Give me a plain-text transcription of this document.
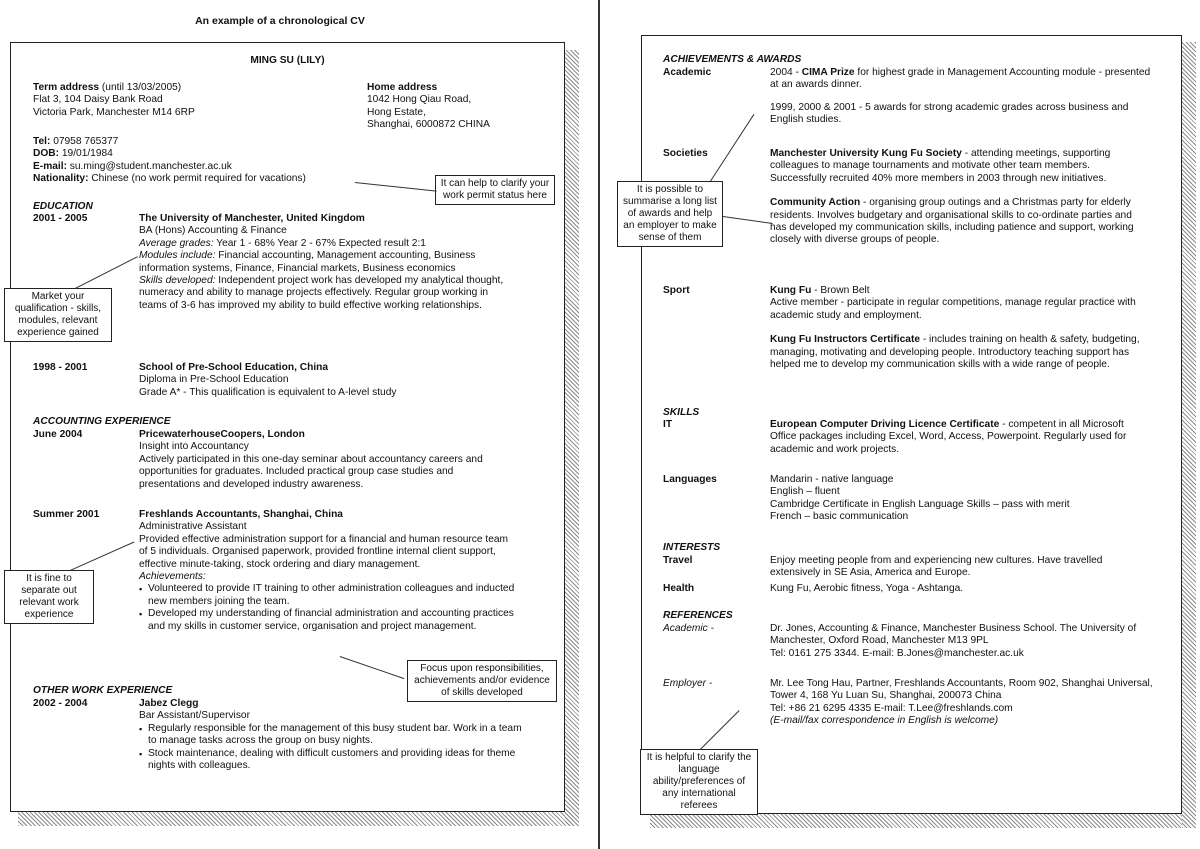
An example of a chronological CV
MING SU (LILY)
Term address (until 13/03/2005)
Flat 3, 104 Daisy Bank Road
Victoria Park, Manchester M14 6RP
Home address
1042 Hong Qiau Road,
Hong Estate,
Shanghai, 6000872 CHINA
Tel: 07958 765377
DOB: 19/01/1984
E-mail: su.ming@student.manchester.ac.uk
Nationality: Chinese (no work permit required for vacations)
EDUCATION
2001 - 2005	The University of Manchester, United Kingdom
BA (Hons) Accounting & Finance
Average grades: Year 1 - 68% Year 2 - 67% Expected result 2:1
Modules include: Financial accounting, Management accounting, Business information systems, Finance, Financial markets, Business economics
Skills developed: Independent project work has developed my analytical thought, numeracy and ability to manage projects effectively. Regular group working in teams of 3-6 has improved my ability to build effective working relationships.
1998 - 2001	School of Pre-School Education, China
Diploma in Pre-School Education
Grade A* - This qualification is equivalent to A-level study
ACCOUNTING EXPERIENCE
June 2004	PricewaterhouseCoopers, London
Insight into Accountancy
Actively participated in this one-day seminar about accountancy careers and opportunities for graduates. Included practical group case studies and presentations and developed industry awareness.
Summer 2001	Freshlands Accountants, Shanghai, China
Administrative Assistant
Provided effective administration support for a financial and human resource team of 5 individuals. Organised paperwork, provided frontline internal client support, effective minute-taking, stock ordering and diary management.
Achievements:
▪ Volunteered to provide IT training to other administration colleagues and inducted new members joining the team.
▪ Developed my understanding of financial administration and accounting practices and my skills in customer service, organisation and project management.
OTHER WORK EXPERIENCE
2002 - 2004	Jabez Clegg
Bar Assistant/Supervisor
▪ Regularly responsible for the management of this busy student bar. Work in a team to manage tasks across the group on busy nights.
▪ Stock maintenance, dealing with difficult customers and providing ideas for theme nights with colleagues.
It can help to clarify your work permit status here
Market your qualification - skills, modules, relevant experience gained
It is fine to separate out relevant work experience
Focus upon responsibilities, achievements and/or evidence of skills developed
ACHIEVEMENTS & AWARDS
Academic	2004 - CIMA Prize for highest grade in Management Accounting module - presented at an awards dinner.
1999, 2000 & 2001 - 5 awards for strong academic grades across business and English studies.
Societies	Manchester University Kung Fu Society - attending meetings, supporting colleagues to manage tournaments and motivate other team members. Successfully recruited 40% more members in 2003 through new initiatives.
Community Action - organising group outings and a Christmas party for elderly residents. Involves budgetary and organisational skills to co-ordinate parties and has developed my communication skills, including patience and support, working closely with diverse groups of people.
Sport	Kung Fu - Brown Belt
Active member - participate in regular competitions, manage regular practice with academic study and employment.
Kung Fu Instructors Certificate - includes training on health & safety, budgeting, managing, motivating and developing people. Introductory teaching support has helped me to develop my communication skills with a wide range of people.
SKILLS
IT	European Computer Driving Licence Certificate - competent in all Microsoft Office packages including Excel, Word, Access, Powerpoint. Regularly used for academic and work projects.
Languages	Mandarin - native language
English – fluent
Cambridge Certificate in English Language Skills – pass with merit
French – basic communication
INTERESTS
Travel	Enjoy meeting people from and experiencing new cultures. Have travelled extensively in SE Asia, America and Europe.
Health	Kung Fu, Aerobic fitness, Yoga - Ashtanga.
REFERENCES
Academic -	Dr. Jones, Accounting & Finance, Manchester Business School. The University of Manchester, Oxford Road, Manchester M13 9PL
Tel: 0161 275 3344. E-mail: B.Jones@manchester.ac.uk
Employer -	Mr. Lee Tong Hau, Partner, Freshlands Accountants, Room 902, Shanghai Universal, Tower 4, 168 Yu Luan Su, Shanghai, 200073 China
Tel: +86 21 6295 4335 E-mail: T.Lee@freshlands.com
(E-mail/fax correspondence in English is welcome)
It is possible to summarise a long list of awards and help an employer to make sense of them
It is helpful to clarify the language ability/preferences of any international referees
